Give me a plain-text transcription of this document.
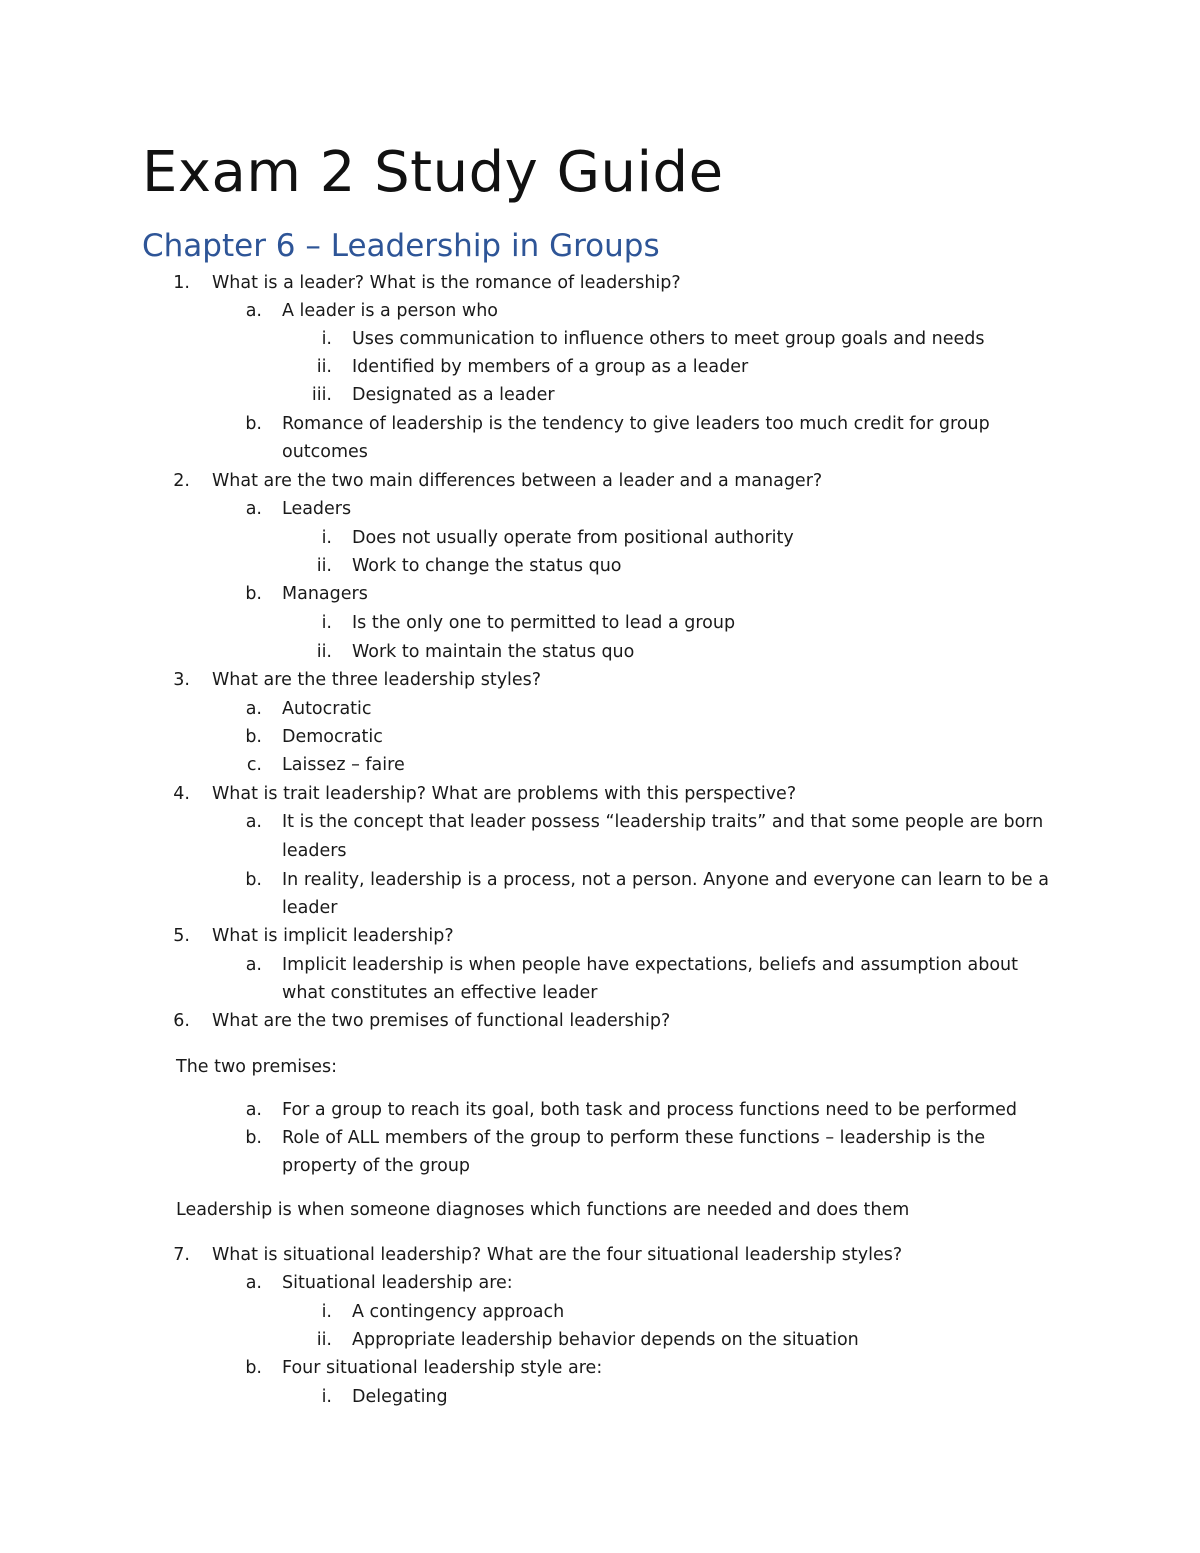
Exam 2 Study Guide
Chapter 6 – Leadership in Groups
1. What is a leader? What is the romance of leadership?
a. A leader is a person who
i. Uses communication to influence others to meet group goals and needs
ii. Identified by members of a group as a leader
iii. Designated as a leader
b. Romance of leadership is the tendency to give leaders too much credit for group
outcomes
2. What are the two main differences between a leader and a manager?
a. Leaders
i. Does not usually operate from positional authority
ii. Work to change the status quo
b. Managers
i. Is the only one to permitted to lead a group
ii. Work to maintain the status quo
3. What are the three leadership styles?
a. Autocratic
b. Democratic
c. Laissez – faire
4. What is trait leadership? What are problems with this perspective?
a. It is the concept that leader possess “leadership traits” and that some people are born
leaders
b. In reality, leadership is a process, not a person. Anyone and everyone can learn to be a
leader
5. What is implicit leadership?
a. Implicit leadership is when people have expectations, beliefs and assumption about
what constitutes an effective leader
6. What are the two premises of functional leadership?
The two premises:
a. For a group to reach its goal, both task and process functions need to be performed
b. Role of ALL members of the group to perform these functions – leadership is the
property of the group
Leadership is when someone diagnoses which functions are needed and does them
7. What is situational leadership? What are the four situational leadership styles?
a. Situational leadership are:
i. A contingency approach
ii. Appropriate leadership behavior depends on the situation
b. Four situational leadership style are:
i. Delegating
